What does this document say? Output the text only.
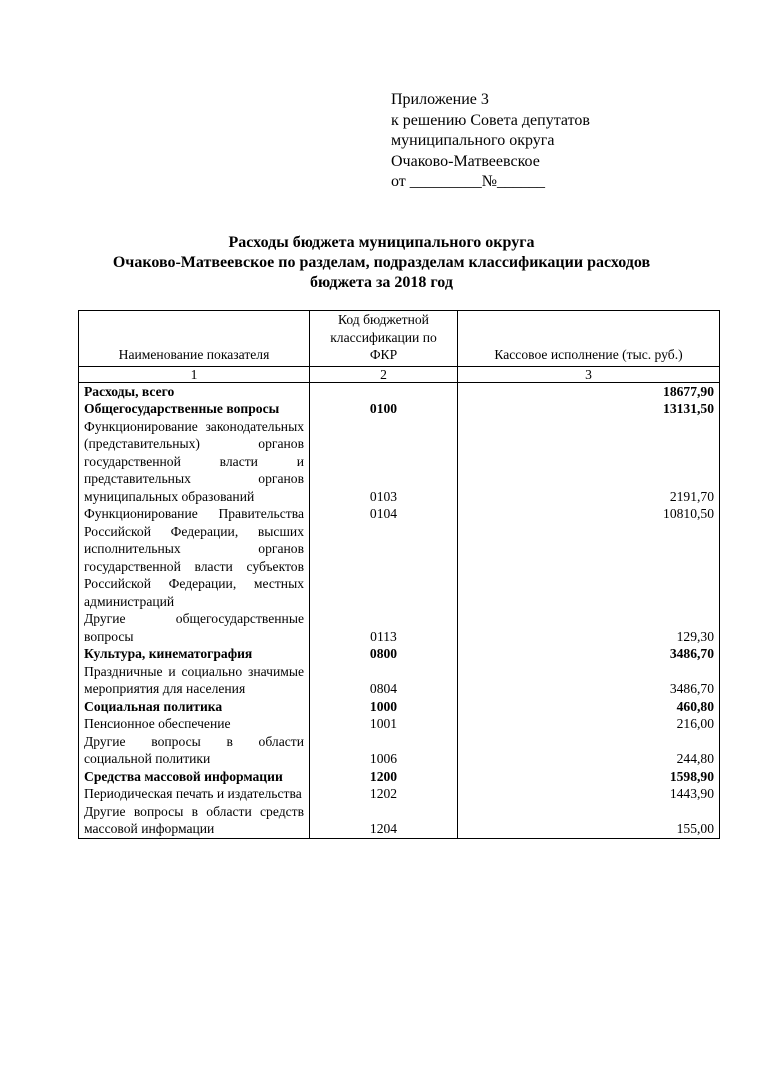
Приложение 3
к решению Совета депутатов
муниципального округа
Очаково-Матвеевское
от _________№______
Расходы бюджета муниципального округа
Очаково-Матвеевское по разделам, подразделам классификации расходов
бюджета за 2018 год
Наименование показателя	Код бюджетной классификации по ФКР	Кассовое исполнение (тыс. руб.)
1	2	3
Расходы, всего		18677,90
Общегосударственные вопросы	0100	13131,50
Функционирование законодательных (представительных) органов государственной власти и представительных органов муниципальных образований	0103	2191,70
Функционирование Правительства Российской Федерации, высших исполнительных органов государственной власти субъектов Российской Федерации, местных администраций	0104	10810,50
Другие общегосударственные вопросы	0113	129,30
Культура, кинематография	0800	3486,70
Праздничные и социально значимые мероприятия для населения	0804	3486,70
Социальная политика	1000	460,80
Пенсионное обеспечение	1001	216,00
Другие вопросы в области социальной политики	1006	244,80
Средства массовой информации	1200	1598,90
Периодическая печать и издательства	1202	1443,90
Другие вопросы в области средств массовой информации	1204	155,00
